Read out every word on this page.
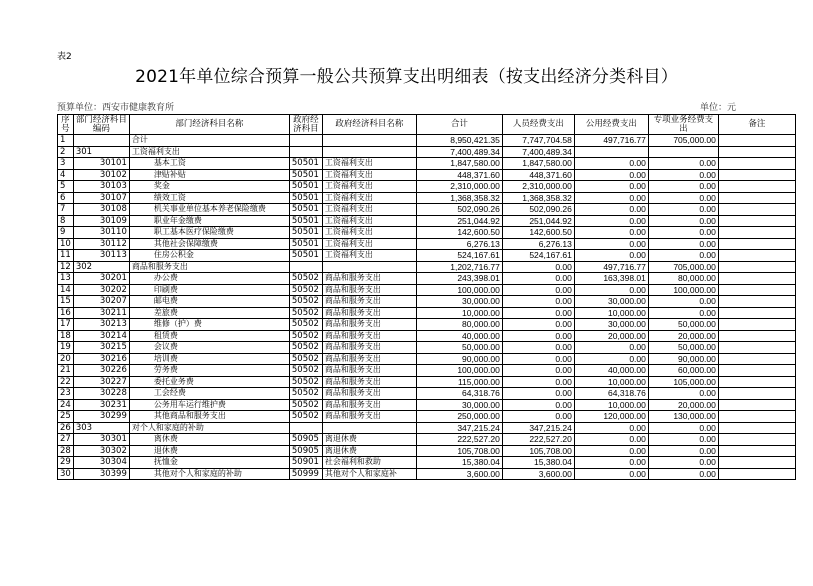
表2
2021年单位综合预算一般公共预算支出明细表（按支出经济分类科目）
预算单位：西安市健康教育所	单位：元
序号	部门经济科目编码	部门经济科目名称	政府经济科目	政府经济科目名称	合计	人员经费支出	公用经费支出	专项业务经费支出	备注
1		合计			8,950,421.35	7,747,704.58	497,716.77	705,000.00	
2	301	工资福利支出			7,400,489.34	7,400,489.34			
3	30101	基本工资	50501	工资福利支出	1,847,580.00	1,847,580.00	0.00	0.00	
4	30102	津贴补贴	50501	工资福利支出	448,371.60	448,371.60	0.00	0.00	
5	30103	奖金	50501	工资福利支出	2,310,000.00	2,310,000.00	0.00	0.00	
6	30107	绩效工资	50501	工资福利支出	1,368,358.32	1,368,358.32	0.00	0.00	
7	30108	机关事业单位基本养老保险缴费	50501	工资福利支出	502,090.26	502,090.26	0.00	0.00	
8	30109	职业年金缴费	50501	工资福利支出	251,044.92	251,044.92	0.00	0.00	
9	30110	职工基本医疗保险缴费	50501	工资福利支出	142,600.50	142,600.50	0.00	0.00	
10	30112	其他社会保障缴费	50501	工资福利支出	6,276.13	6,276.13	0.00	0.00	
11	30113	住房公积金	50501	工资福利支出	524,167.61	524,167.61	0.00	0.00	
12	302	商品和服务支出			1,202,716.77	0.00	497,716.77	705,000.00	
13	30201	办公费	50502	商品和服务支出	243,398.01	0.00	163,398.01	80,000.00	
14	30202	印刷费	50502	商品和服务支出	100,000.00	0.00	0.00	100,000.00	
15	30207	邮电费	50502	商品和服务支出	30,000.00	0.00	30,000.00	0.00	
16	30211	差旅费	50502	商品和服务支出	10,000.00	0.00	10,000.00	0.00	
17	30213	维修（护）费	50502	商品和服务支出	80,000.00	0.00	30,000.00	50,000.00	
18	30214	租赁费	50502	商品和服务支出	40,000.00	0.00	20,000.00	20,000.00	
19	30215	会议费	50502	商品和服务支出	50,000.00	0.00	0.00	50,000.00	
20	30216	培训费	50502	商品和服务支出	90,000.00	0.00	0.00	90,000.00	
21	30226	劳务费	50502	商品和服务支出	100,000.00	0.00	40,000.00	60,000.00	
22	30227	委托业务费	50502	商品和服务支出	115,000.00	0.00	10,000.00	105,000.00	
23	30228	工会经费	50502	商品和服务支出	64,318.76	0.00	64,318.76	0.00	
24	30231	公务用车运行维护费	50502	商品和服务支出	30,000.00	0.00	10,000.00	20,000.00	
25	30299	其他商品和服务支出	50502	商品和服务支出	250,000.00	0.00	120,000.00	130,000.00	
26	303	对个人和家庭的补助			347,215.24	347,215.24	0.00	0.00	
27	30301	离休费	50905	离退休费	222,527.20	222,527.20	0.00	0.00	
28	30302	退休费	50905	离退休费	105,708.00	105,708.00	0.00	0.00	
29	30304	抚恤金	50901	社会福利和救助	15,380.04	15,380.04	0.00	0.00	
30	30399	其他对个人和家庭的补助	50999	其他对个人和家庭补	3,600.00	3,600.00	0.00	0.00	
